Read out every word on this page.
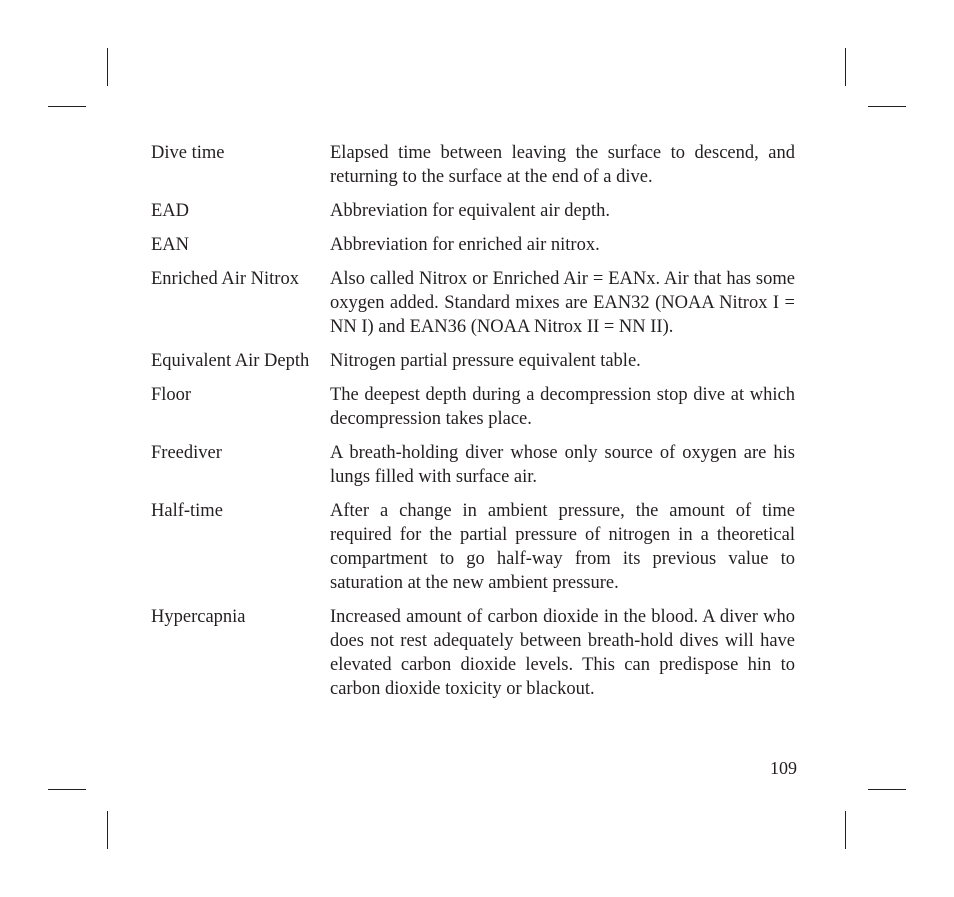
Dive time	Elapsed time between leaving the surface to descend, and returning to the surface at the end of a dive.
EAD	Abbreviation for equivalent air depth.
EAN	Abbreviation for enriched air nitrox.
Enriched Air Nitrox	Also called Nitrox or Enriched Air = EANx. Air that has some oxygen added. Standard mixes are EAN32 (NOAA Nitrox I = NN I) and EAN36 (NOAA Nitrox II = NN II).
Equivalent Air Depth	Nitrogen partial pressure equivalent table.
Floor	The deepest depth during a decompression stop dive at which decompression takes place.
Freediver	A breath-holding diver whose only source of oxygen are his lungs filled with surface air.
Half-time	After a change in ambient pressure, the amount of time required for the partial pressure of nitrogen in a theoretical compartment to go half-way from its previous value to saturation at the new ambient pressure.
Hypercapnia	Increased amount of carbon dioxide in the blood. A diver who does not rest adequately between breath-hold dives will have elevated carbon dioxide levels. This can predispose hin to carbon dioxide toxicity or blackout.
109
